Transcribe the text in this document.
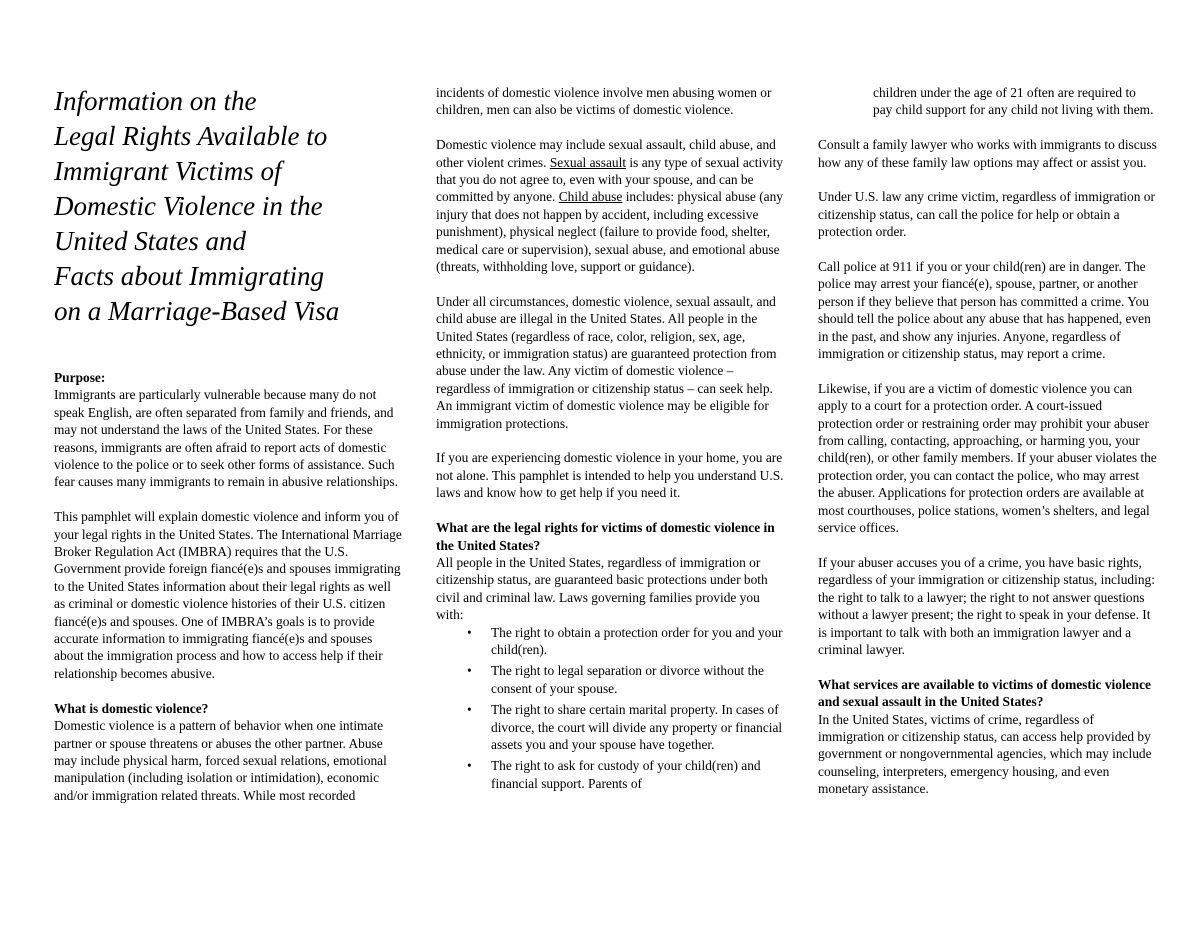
Information on the
Legal Rights Available to
Immigrant Victims of
Domestic Violence in the
United States and
Facts about Immigrating
on a Marriage-Based Visa

Purpose:

Immigrants are particularly vulnerable because many do not speak English, are often separated from family and friends, and may not understand the laws of the United States. For these reasons, immigrants are often afraid to report acts of domestic violence to the police or to seek other forms of assistance. Such fear causes many immigrants to remain in abusive relationships.

This pamphlet will explain domestic violence and inform you of your legal rights in the United States. The International Marriage Broker Regulation Act (IMBRA) requires that the U.S. Government provide foreign fiancé(e)s and spouses immigrating to the United States information about their legal rights as well as criminal or domestic violence histories of their U.S. citizen fiancé(e)s and spouses. One of IMBRA’s goals is to provide accurate information to immigrating fiancé(e)s and spouses about the immigration process and how to access help if their relationship becomes abusive.

What is domestic violence?

Domestic violence is a pattern of behavior when one intimate partner or spouse threatens or abuses the other partner. Abuse may include physical harm, forced sexual relations, emotional manipulation (including isolation or intimidation), economic and/or immigration related threats. While most recorded

incidents of domestic violence involve men abusing women or children, men can also be victims of domestic violence.

Domestic violence may include sexual assault, child abuse, and other violent crimes. Sexual assault is any type of sexual activity that you do not agree to, even with your spouse, and can be committed by anyone. Child abuse includes: physical abuse (any injury that does not happen by accident, including excessive punishment), physical neglect (failure to provide food, shelter, medical care or supervision), sexual abuse, and emotional abuse (threats, withholding love, support or guidance).

Under all circumstances, domestic violence, sexual assault, and child abuse are illegal in the United States. All people in the United States (regardless of race, color, religion, sex, age, ethnicity, or immigration status) are guaranteed protection from abuse under the law. Any victim of domestic violence – regardless of immigration or citizenship status – can seek help. An immigrant victim of domestic violence may be eligible for immigration protections.

If you are experiencing domestic violence in your home, you are not alone. This pamphlet is intended to help you understand U.S. laws and know how to get help if you need it.

What are the legal rights for victims of domestic violence in the United States?

All people in the United States, regardless of immigration or citizenship status, are guaranteed basic protections under both civil and criminal law. Laws governing families provide you with:

• The right to obtain a protection order for you and your child(ren).
• The right to legal separation or divorce without the consent of your spouse.
• The right to share certain marital property. In cases of divorce, the court will divide any property or financial assets you and your spouse have together.
• The right to ask for custody of your child(ren) and financial support. Parents of

children under the age of 21 often are required to pay child support for any child not living with them.

Consult a family lawyer who works with immigrants to discuss how any of these family law options may affect or assist you.

Under U.S. law any crime victim, regardless of immigration or citizenship status, can call the police for help or obtain a protection order.

Call police at 911 if you or your child(ren) are in danger. The police may arrest your fiancé(e), spouse, partner, or another person if they believe that person has committed a crime. You should tell the police about any abuse that has happened, even in the past, and show any injuries. Anyone, regardless of immigration or citizenship status, may report a crime.

Likewise, if you are a victim of domestic violence you can apply to a court for a protection order. A court-issued protection order or restraining order may prohibit your abuser from calling, contacting, approaching, or harming you, your child(ren), or other family members. If your abuser violates the protection order, you can contact the police, who may arrest the abuser. Applications for protection orders are available at most courthouses, police stations, women’s shelters, and legal service offices.

If your abuser accuses you of a crime, you have basic rights, regardless of your immigration or citizenship status, including: the right to talk to a lawyer; the right to not answer questions without a lawyer present; the right to speak in your defense. It is important to talk with both an immigration lawyer and a criminal lawyer.

What services are available to victims of domestic violence and sexual assault in the United States?

In the United States, victims of crime, regardless of immigration or citizenship status, can access help provided by government or nongovernmental agencies, which may include counseling, interpreters, emergency housing, and even monetary assistance.
